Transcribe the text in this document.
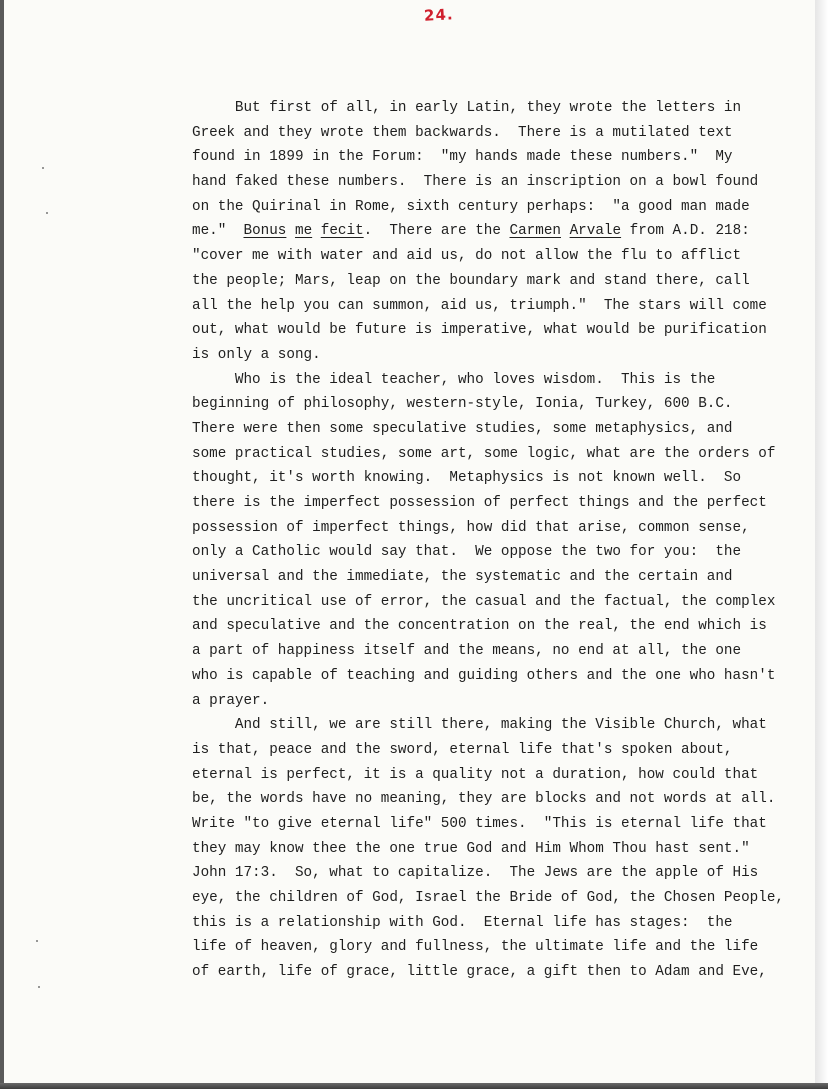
24.
But first of all, in early Latin, they wrote the letters in
Greek and they wrote them backwards.  There is a mutilated text
found in 1899 in the Forum:  "my hands made these numbers."  My
hand faked these numbers.  There is an inscription on a bowl found
on the Quirinal in Rome, sixth century perhaps:  "a good man made
me."  Bonus me fecit.  There are the Carmen Arvale from A.D. 218:
"cover me with water and aid us, do not allow the flu to afflict
the people; Mars, leap on the boundary mark and stand there, call
all the help you can summon, aid us, triumph."  The stars will come
out, what would be future is imperative, what would be purification
is only a song.
Who is the ideal teacher, who loves wisdom.  This is the
beginning of philosophy, western-style, Ionia, Turkey, 600 B.C.
There were then some speculative studies, some metaphysics, and
some practical studies, some art, some logic, what are the orders of
thought, it's worth knowing.  Metaphysics is not known well.  So
there is the imperfect possession of perfect things and the perfect
possession of imperfect things, how did that arise, common sense,
only a Catholic would say that.  We oppose the two for you:  the
universal and the immediate, the systematic and the certain and
the uncritical use of error, the casual and the factual, the complex
and speculative and the concentration on the real, the end which is
a part of happiness itself and the means, no end at all, the one
who is capable of teaching and guiding others and the one who hasn't
a prayer.
And still, we are still there, making the Visible Church, what
is that, peace and the sword, eternal life that's spoken about,
eternal is perfect, it is a quality not a duration, how could that
be, the words have no meaning, they are blocks and not words at all.
Write "to give eternal life" 500 times.  "This is eternal life that
they may know thee the one true God and Him Whom Thou hast sent."
John 17:3.  So, what to capitalize.  The Jews are the apple of His
eye, the children of God, Israel the Bride of God, the Chosen People,
this is a relationship with God.  Eternal life has stages:  the
life of heaven, glory and fullness, the ultimate life and the life
of earth, life of grace, little grace, a gift then to Adam and Eve,
